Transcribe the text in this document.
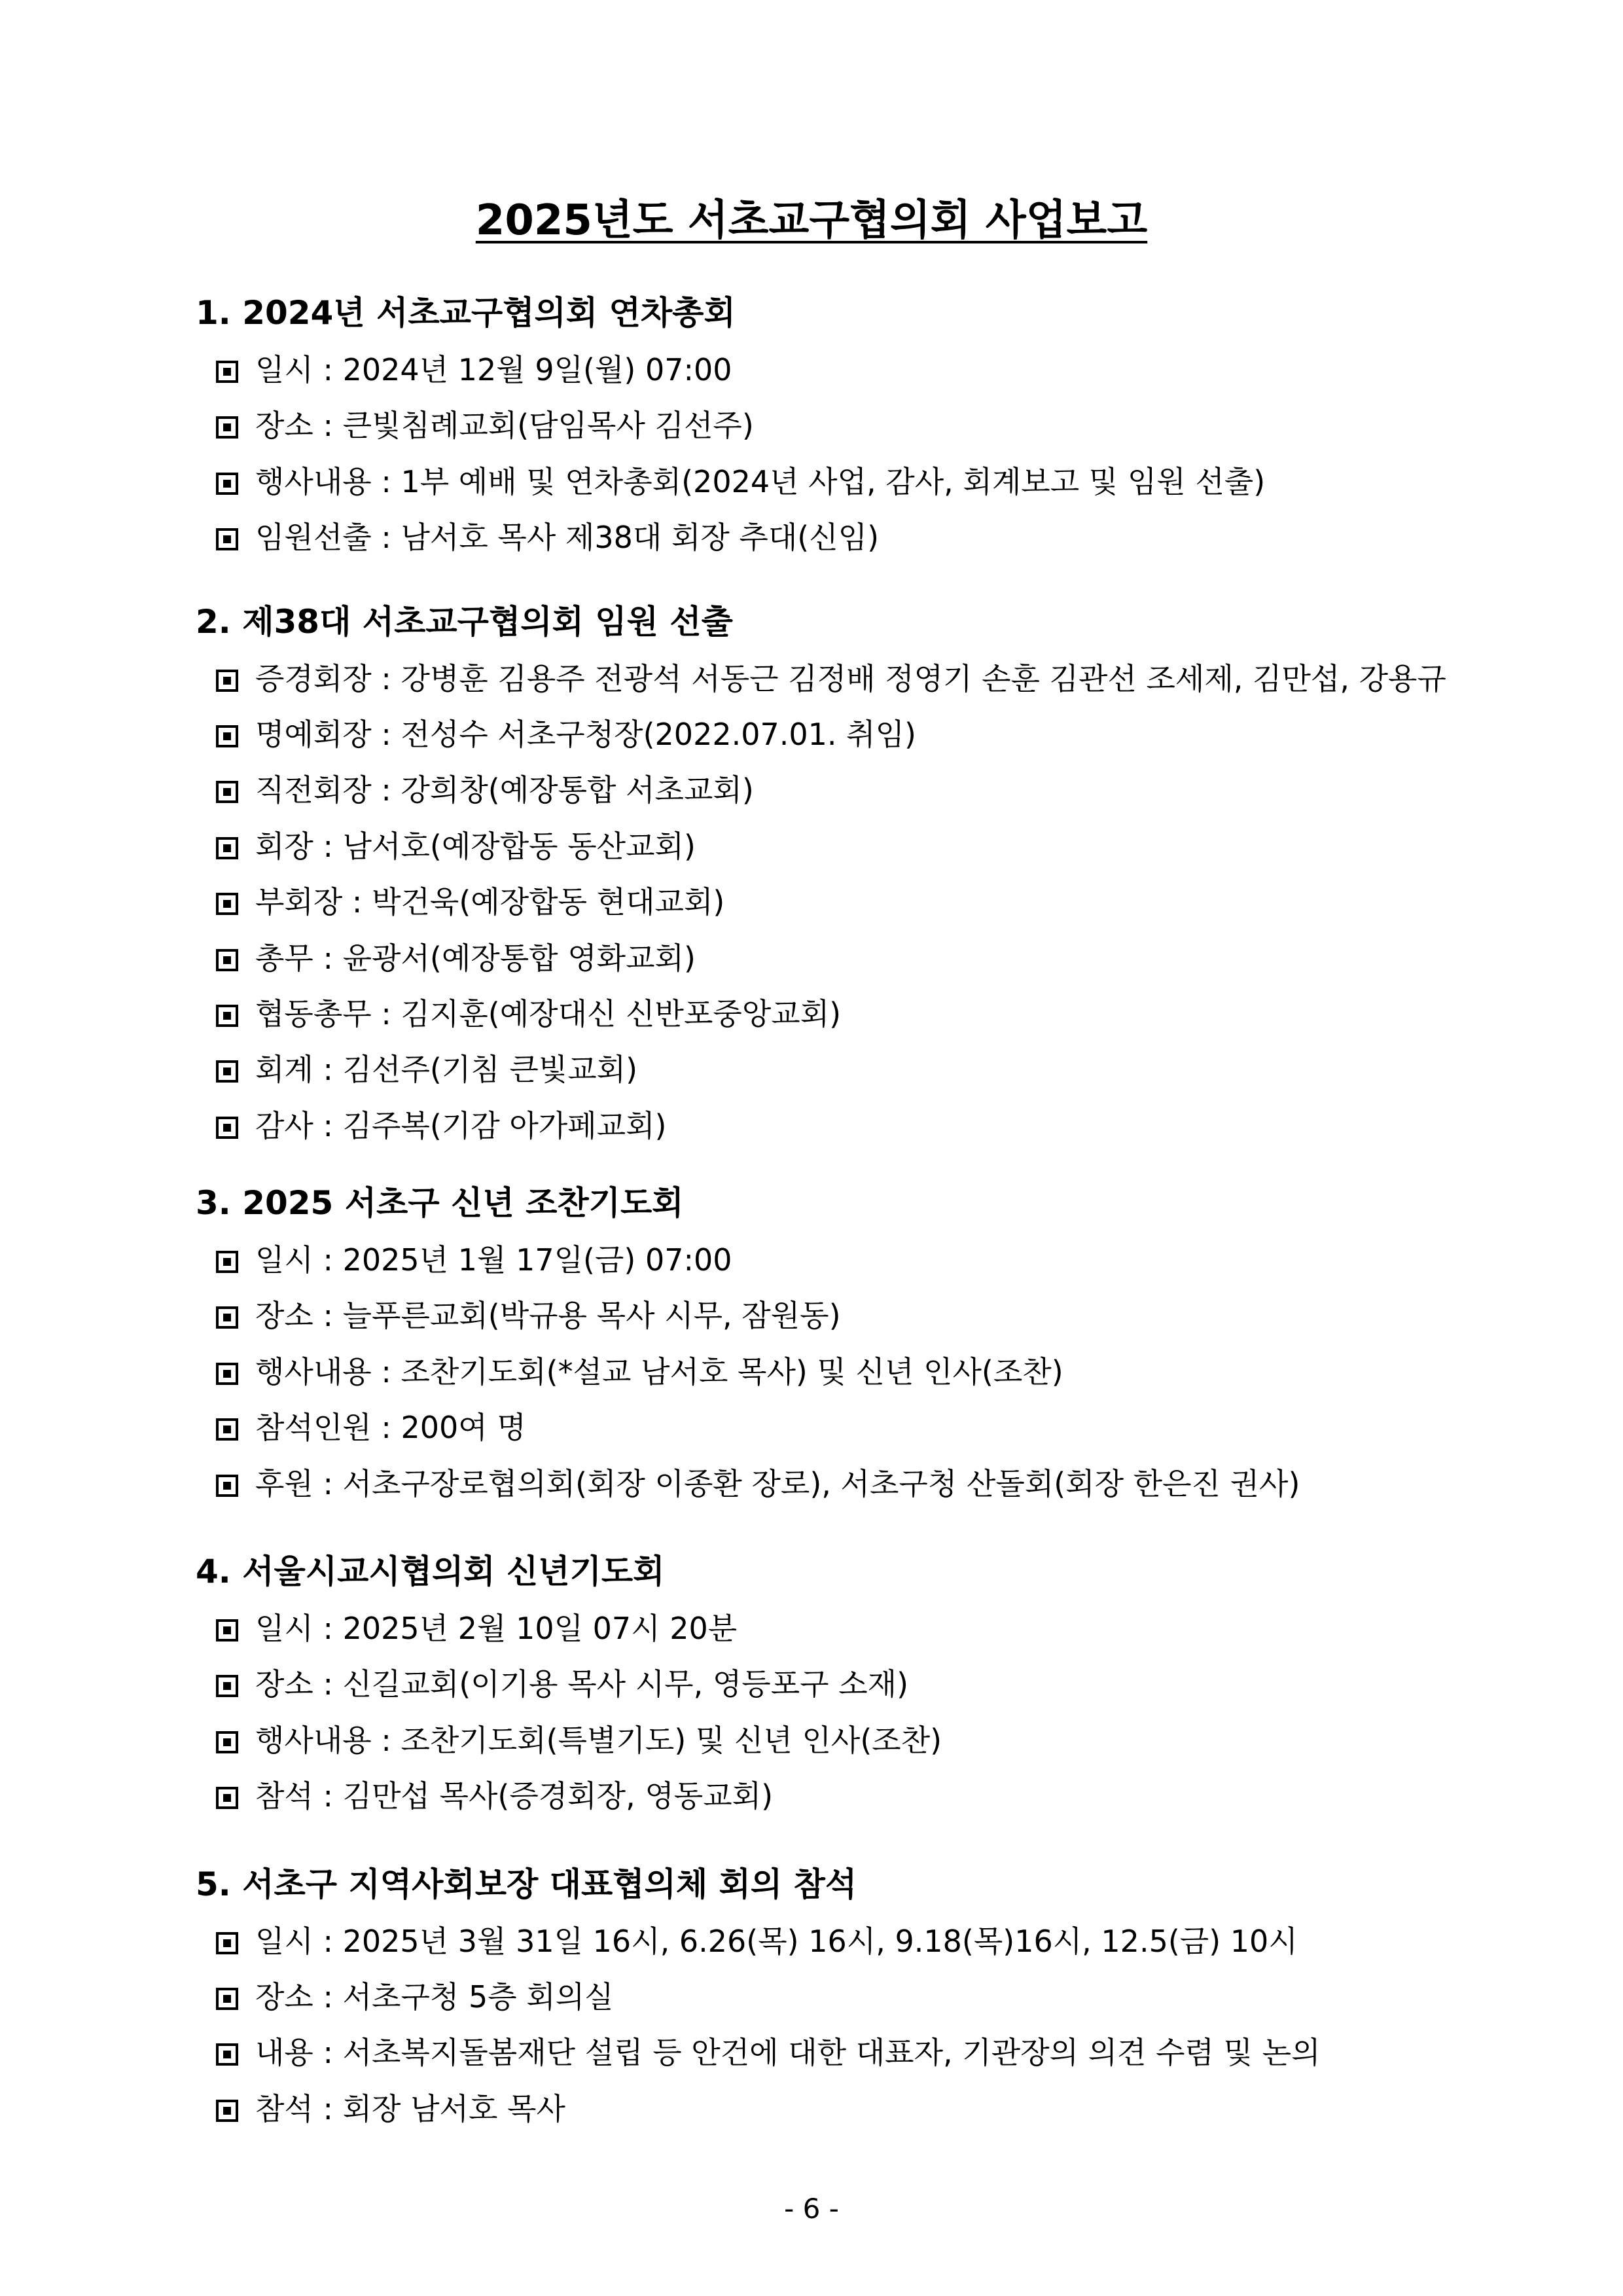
2025년도 서초교구협의회 사업보고
1. 2024년 서초교구협의회 연차총회
일시 : 2024년 12월 9일(월) 07:00
장소 : 큰빛침례교회(담임목사 김선주)
행사내용 : 1부 예배 및 연차총회(2024년 사업, 감사, 회계보고 및 임원 선출)
임원선출 : 남서호 목사 제38대 회장 추대(신임)
2. 제38대 서초교구협의회 임원 선출
증경회장 : 강병훈 김용주 전광석 서동근 김정배 정영기 손훈 김관선 조세제, 김만섭, 강용규
명예회장 : 전성수 서초구청장(2022.07.01. 취임)
직전회장 : 강희창(예장통합 서초교회)
회장 : 남서호(예장합동 동산교회)
부회장 : 박건욱(예장합동 현대교회)
총무 : 윤광서(예장통합 영화교회)
협동총무 : 김지훈(예장대신 신반포중앙교회)
회계 : 김선주(기침 큰빛교회)
감사 : 김주복(기감 아가페교회)
3. 2025 서초구 신년 조찬기도회
일시 : 2025년 1월 17일(금) 07:00
장소 : 늘푸른교회(박규용 목사 시무, 잠원동)
행사내용 : 조찬기도회(*설교 남서호 목사) 및 신년 인사(조찬)
참석인원 : 200여 명
후원 : 서초구장로협의회(회장 이종환 장로), 서초구청 산돌회(회장 한은진 권사)
4. 서울시교시협의회 신년기도회
일시 : 2025년 2월 10일 07시 20분
장소 : 신길교회(이기용 목사 시무, 영등포구 소재)
행사내용 : 조찬기도회(특별기도) 및 신년 인사(조찬)
참석 : 김만섭 목사(증경회장, 영동교회)
5. 서초구 지역사회보장 대표협의체 회의 참석
일시 : 2025년 3월 31일 16시, 6.26(목) 16시, 9.18(목)16시, 12.5(금) 10시
장소 : 서초구청 5층 회의실
내용 : 서초복지돌봄재단 설립 등 안건에 대한 대표자, 기관장의 의견 수렴 및 논의
참석 : 회장 남서호 목사
- 6 -
